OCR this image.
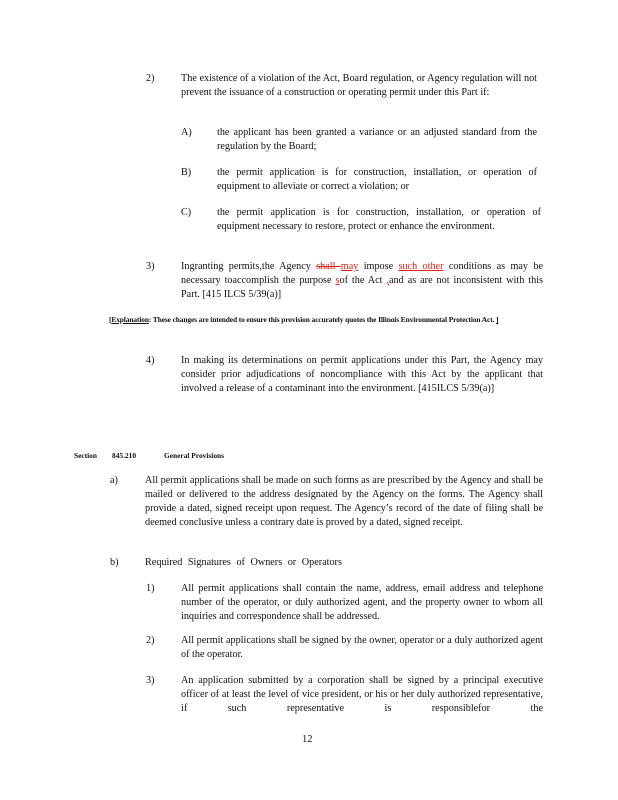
2)	The existence of a violation of the Act, Board regulation, or Agency regulation will not prevent the issuance of a construction or operating permit under this Part if:
A) the applicant has been granted a variance or an adjusted standard from the regulation by the Board;
B)	the permit application is for construction, installation, or operation of equipment to alleviate or correct a violation; or
C)	the permit application is for construction, installation, or operation of equipment necessary to restore, protect or enhance the environment.
3)	Ingranting permits,the Agency shall may impose such other conditions as may be necessary toaccomplish the purpose sof the Act ,and as are not inconsistent with this Part. [415 ILCS 5/39(a)]
[Explanation: These changes are intended to ensure this provision accurately quotes the Illinois Environmental Protection Act. ]
4)	In making its determinations on permit applications under this Part, the Agency may consider prior adjudications of noncompliance with this Act by the applicant that involved a release of a contaminant into the environment. [415ILCS 5/39(a)]
Section 845.210	General Provisions
a)	All permit applications shall be made on such forms as are prescribed by the Agency and shall be mailed or delivered to the address designated by the Agency on the forms. The Agency shall provide a dated, signed receipt upon request. The Agency’s record of the date of filing shall be deemed conclusive unless a contrary date is proved by a dated, signed receipt.
b)	Required Signatures of Owners or Operators
1)	All permit applications shall contain the name, address, email address and telephone number of the operator, or duly authorized agent, and the property owner to whom all inquiries and correspondence shall be addressed.
2)	All permit applications shall be signed by the owner, operator or a duly authorized agent of the operator.
3)	An application submitted by a corporation shall be signed by a principal executive officer of at least the level of vice president, or his or her duly authorized representative, if such representative is responsiblefor the
12
